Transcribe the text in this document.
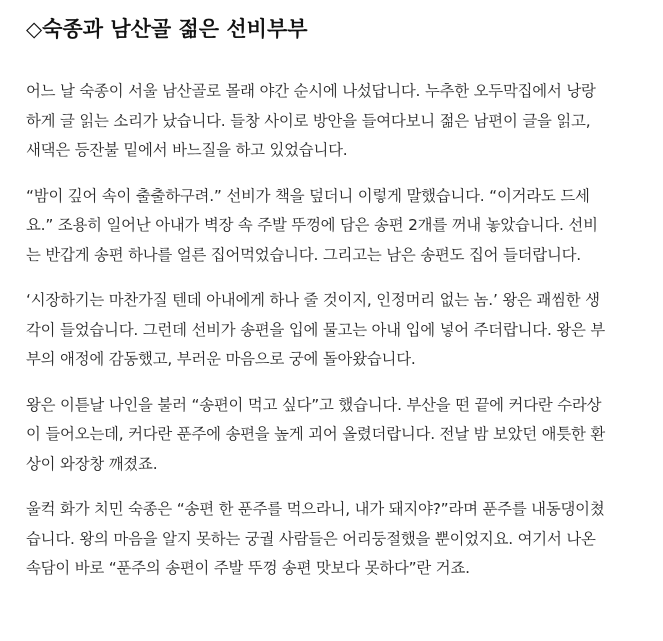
◇숙종과 남산골 젊은 선비부부

어느 날 숙종이 서울 남산골로 몰래 야간 순시에 나섰답니다. 누추한 오두막집에서 낭랑
하게 글 읽는 소리가 났습니다. 들창 사이로 방안을 들여다보니 젊은 남편이 글을 읽고,
새댁은 등잔불 밑에서 바느질을 하고 있었습니다.

“밤이 깊어 속이 출출하구려.” 선비가 책을 덮더니 이렇게 말했습니다. “이거라도 드세
요.” 조용히 일어난 아내가 벽장 속 주발 뚜껑에 담은 송편 2개를 꺼내 놓았습니다. 선비
는 반갑게 송편 하나를 얼른 집어먹었습니다. 그리고는 남은 송편도 집어 들더랍니다.

‘시장하기는 마찬가질 텐데 아내에게 하나 줄 것이지, 인정머리 없는 놈.’ 왕은 괘씸한 생
각이 들었습니다. 그런데 선비가 송편을 입에 물고는 아내 입에 넣어 주더랍니다. 왕은 부
부의 애정에 감동했고, 부러운 마음으로 궁에 돌아왔습니다.

왕은 이튿날 나인을 불러 “송편이 먹고 싶다”고 했습니다. 부산을 떤 끝에 커다란 수라상
이 들어오는데, 커다란 푼주에 송편을 높게 괴어 올렸더랍니다. 전날 밤 보았던 애틋한 환
상이 와장창 깨졌죠.

울컥 화가 치민 숙종은 “송편 한 푼주를 먹으라니, 내가 돼지야?”라며 푼주를 내동댕이쳤
습니다. 왕의 마음을 알지 못하는 궁궐 사람들은 어리둥절했을 뿐이었지요. 여기서 나온
속담이 바로 “푼주의 송편이 주발 뚜껑 송편 맛보다 못하다”란 거죠.
